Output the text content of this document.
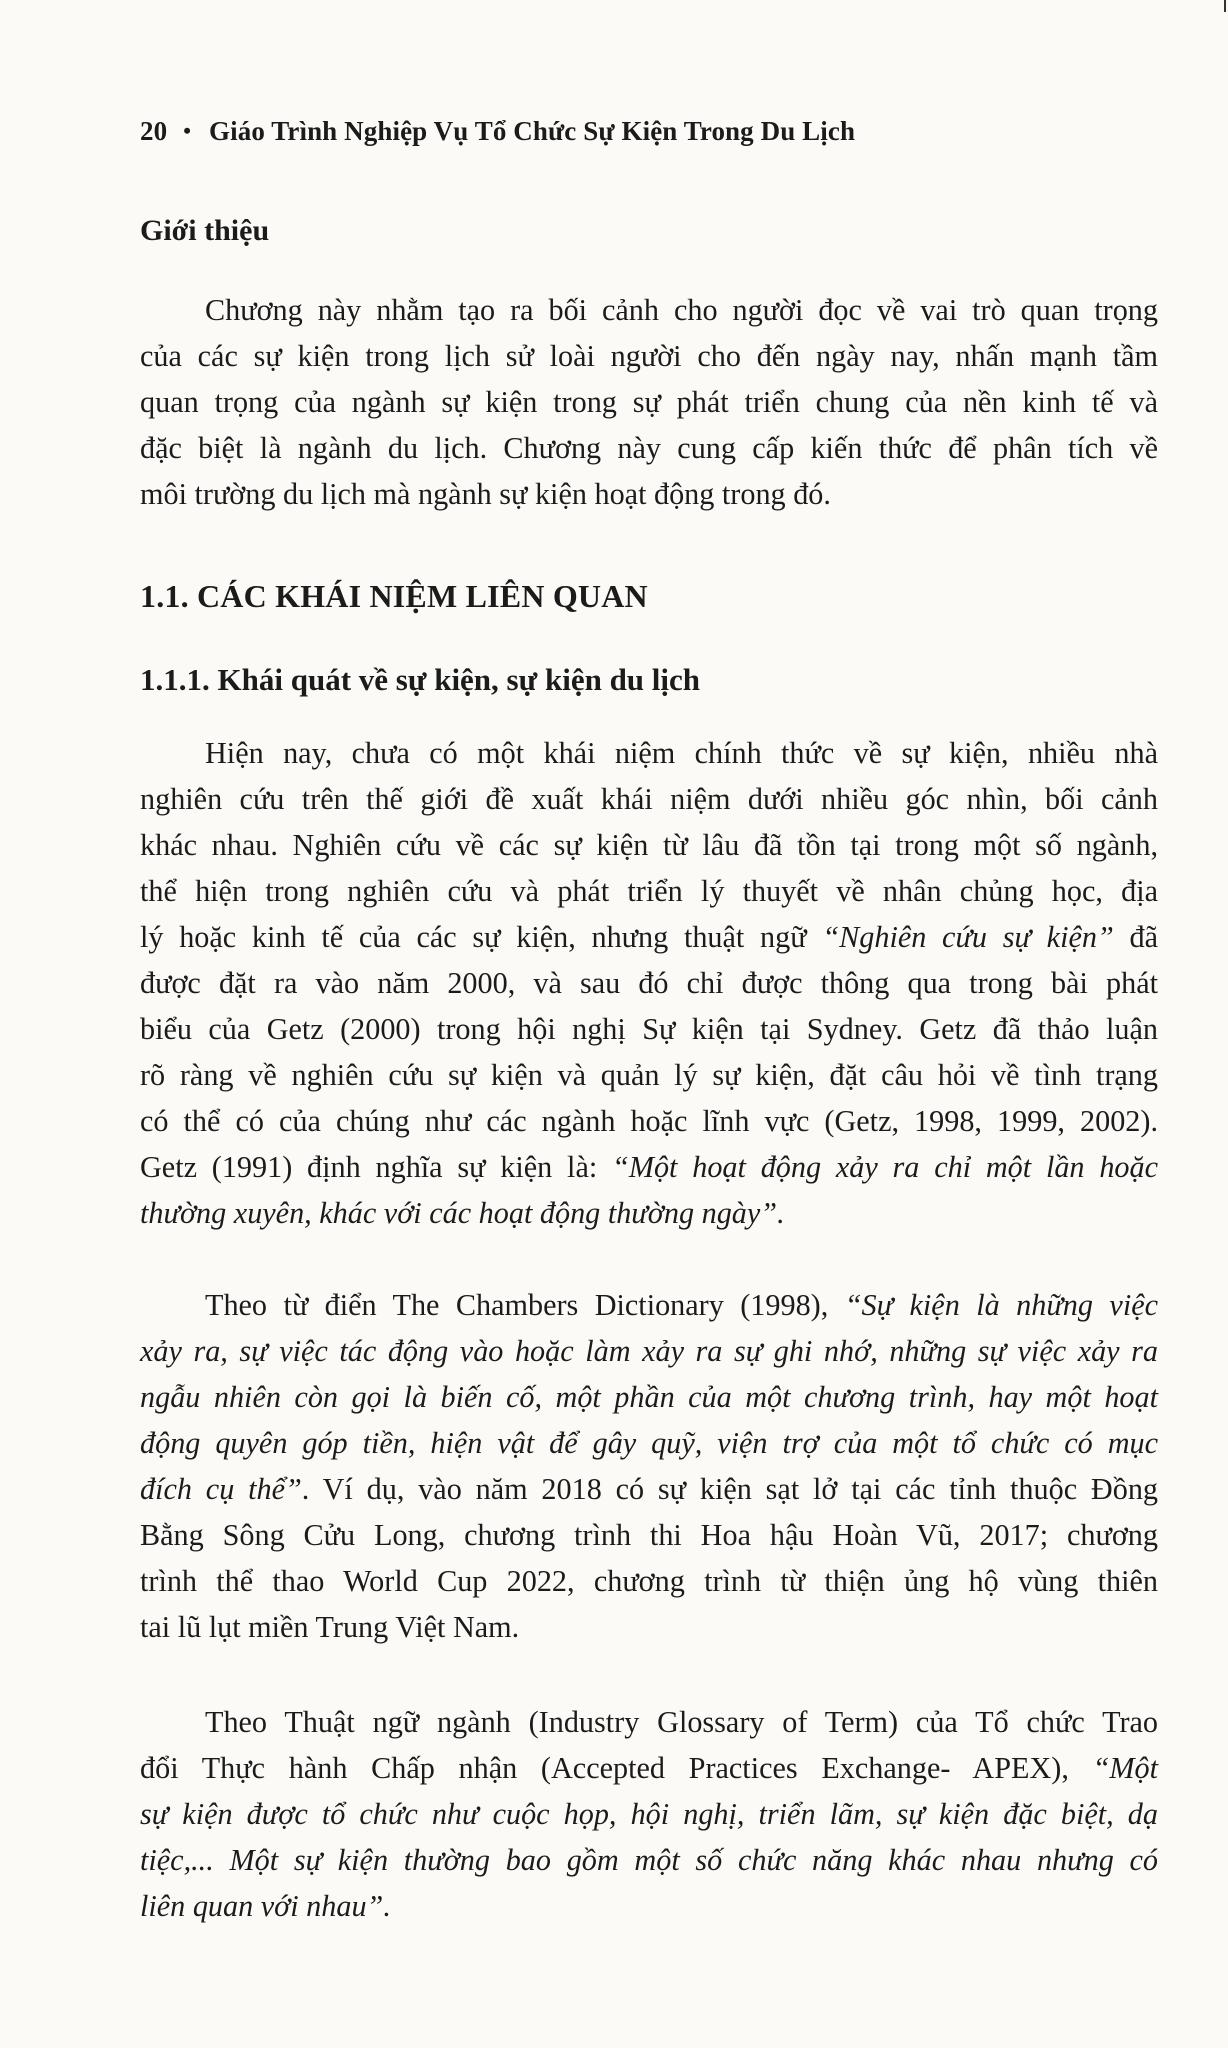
20 • Giáo Trình Nghiệp Vụ Tổ Chức Sự Kiện Trong Du Lịch
Giới thiệu
Chương này nhằm tạo ra bối cảnh cho người đọc về vai trò quan trọng
của các sự kiện trong lịch sử loài người cho đến ngày nay, nhấn mạnh tầm
quan trọng của ngành sự kiện trong sự phát triển chung của nền kinh tế và
đặc biệt là ngành du lịch. Chương này cung cấp kiến thức để phân tích về
môi trường du lịch mà ngành sự kiện hoạt động trong đó.
1.1. CÁC KHÁI NIỆM LIÊN QUAN
1.1.1. Khái quát về sự kiện, sự kiện du lịch
Hiện nay, chưa có một khái niệm chính thức về sự kiện, nhiều nhà
nghiên cứu trên thế giới đề xuất khái niệm dưới nhiều góc nhìn, bối cảnh
khác nhau. Nghiên cứu về các sự kiện từ lâu đã tồn tại trong một số ngành,
thể hiện trong nghiên cứu và phát triển lý thuyết về nhân chủng học, địa
lý hoặc kinh tế của các sự kiện, nhưng thuật ngữ “Nghiên cứu sự kiện” đã
được đặt ra vào năm 2000, và sau đó chỉ được thông qua trong bài phát
biểu của Getz (2000) trong hội nghị Sự kiện tại Sydney. Getz đã thảo luận
rõ ràng về nghiên cứu sự kiện và quản lý sự kiện, đặt câu hỏi về tình trạng
có thể có của chúng như các ngành hoặc lĩnh vực (Getz, 1998, 1999, 2002).
Getz (1991) định nghĩa sự kiện là: “Một hoạt động xảy ra chỉ một lần hoặc
thường xuyên, khác với các hoạt động thường ngày”.
Theo từ điển The Chambers Dictionary (1998), “Sự kiện là những việc
xảy ra, sự việc tác động vào hoặc làm xảy ra sự ghi nhớ, những sự việc xảy ra
ngẫu nhiên còn gọi là biến cố, một phần của một chương trình, hay một hoạt
động quyên góp tiền, hiện vật để gây quỹ, viện trợ của một tổ chức có mục
đích cụ thể”. Ví dụ, vào năm 2018 có sự kiện sạt lở tại các tỉnh thuộc Đồng
Bằng Sông Cửu Long, chương trình thi Hoa hậu Hoàn Vũ, 2017; chương
trình thể thao World Cup 2022, chương trình từ thiện ủng hộ vùng thiên
tai lũ lụt miền Trung Việt Nam.
Theo Thuật ngữ ngành (Industry Glossary of Term) của Tổ chức Trao
đổi Thực hành Chấp nhận (Accepted Practices Exchange- APEX), “Một
sự kiện được tổ chức như cuộc họp, hội nghị, triển lãm, sự kiện đặc biệt, dạ
tiệc,... Một sự kiện thường bao gồm một số chức năng khác nhau nhưng có
liên quan với nhau”.
